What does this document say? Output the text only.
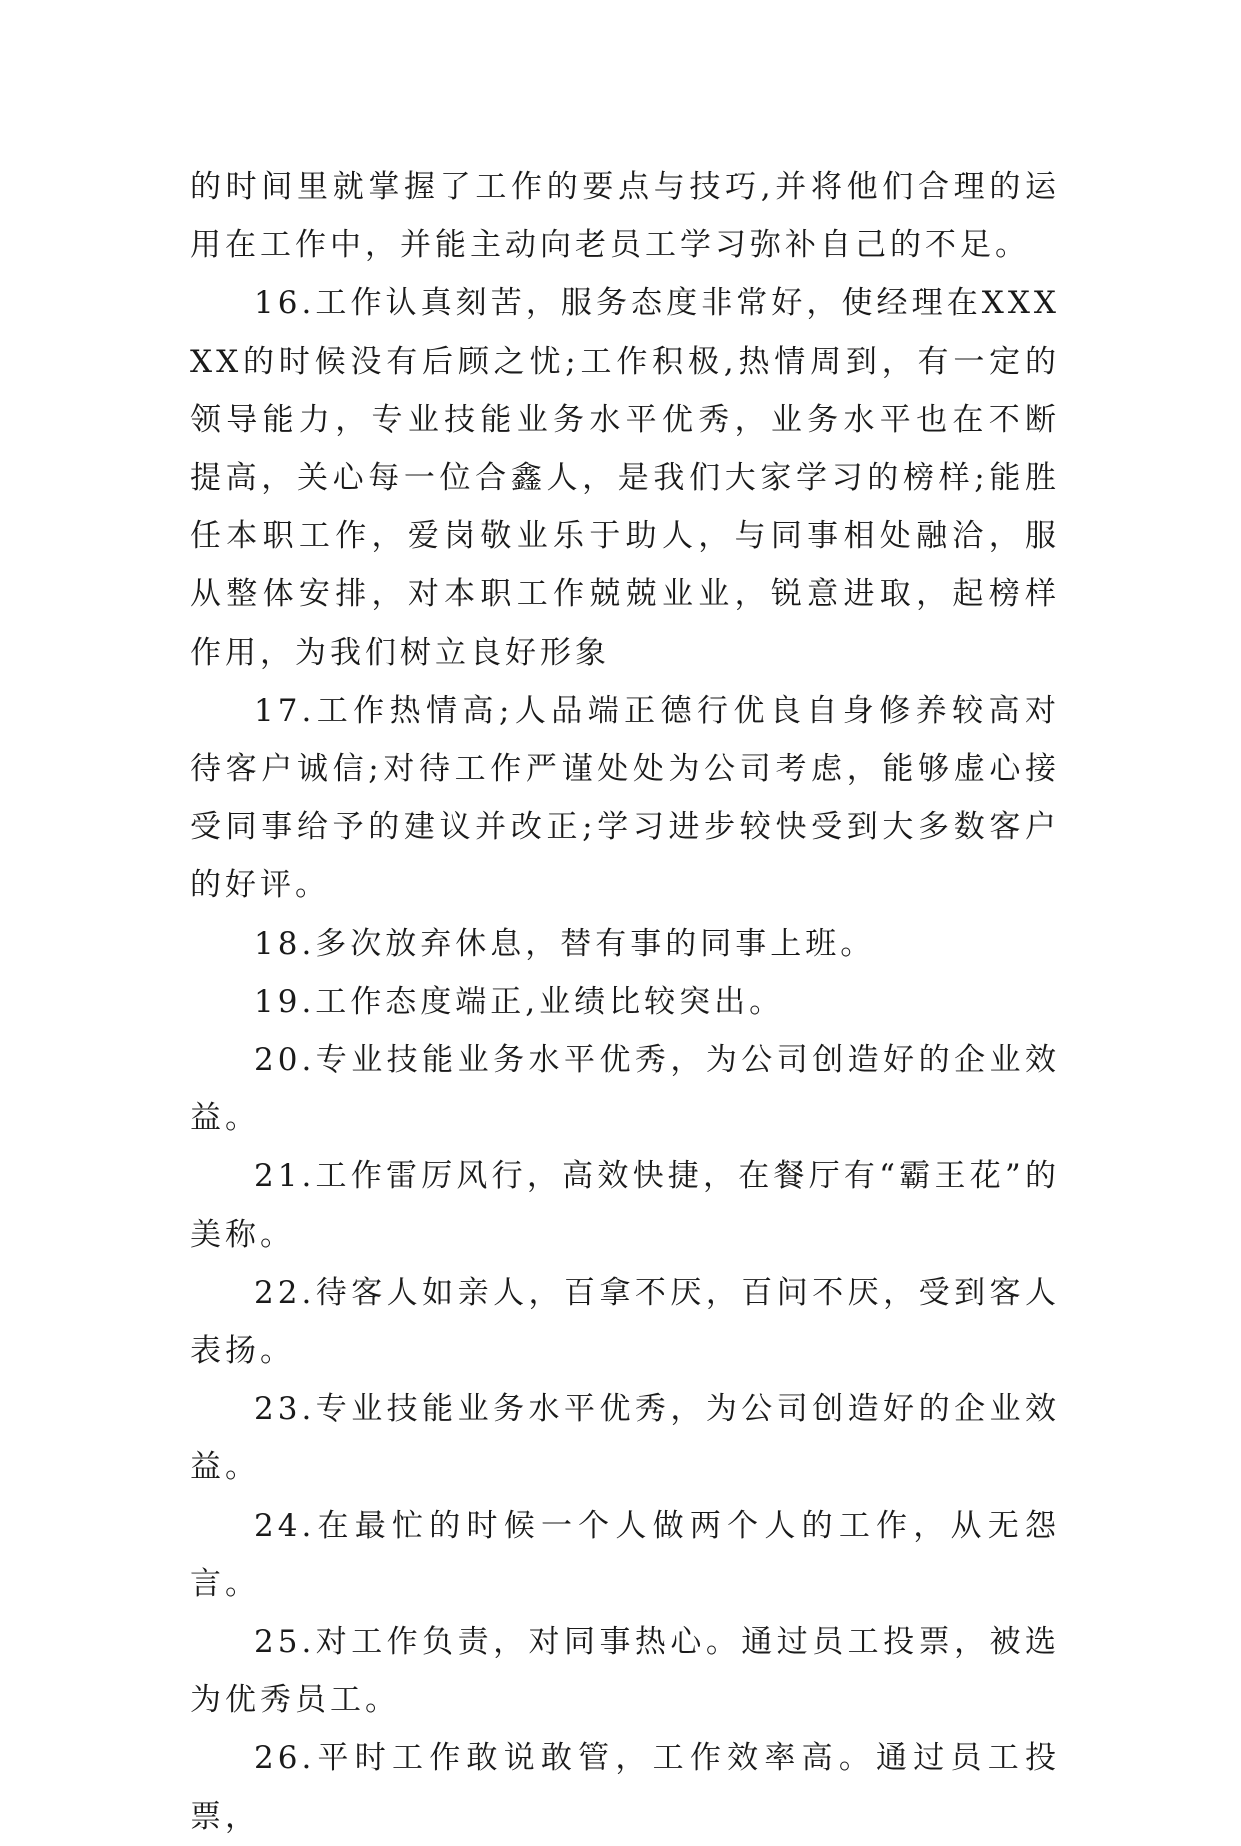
的时间里就掌握了工作的要点与技巧,并将他们合理的运用在工作中，并能主动向老员工学习弥补自己的不足。

16.工作认真刻苦，服务态度非常好，使经理在XXXXX的时候没有后顾之忧;工作积极,热情周到，有一定的领导能力，专业技能业务水平优秀，业务水平也在不断提高，关心每一位合鑫人，是我们大家学习的榜样;能胜任本职工作，爱岗敬业乐于助人，与同事相处融洽，服从整体安排，对本职工作兢兢业业，锐意进取，起榜样作用，为我们树立良好形象

17.工作热情高;人品端正德行优良自身修养较高对待客户诚信;对待工作严谨处处为公司考虑，能够虚心接受同事给予的建议并改正;学习进步较快受到大多数客户的好评。

18.多次放弃休息，替有事的同事上班。

19.工作态度端正,业绩比较突出。

20.专业技能业务水平优秀，为公司创造好的企业效益。

21.工作雷厉风行，高效快捷，在餐厅有“霸王花”的美称。

22.待客人如亲人，百拿不厌，百问不厌，受到客人表扬。

23.专业技能业务水平优秀，为公司创造好的企业效益。

24.在最忙的时候一个人做两个人的工作，从无怨言。

25.对工作负责，对同事热心。通过员工投票，被选为优秀员工。

26.平时工作敢说敢管，工作效率高。通过员工投票，
